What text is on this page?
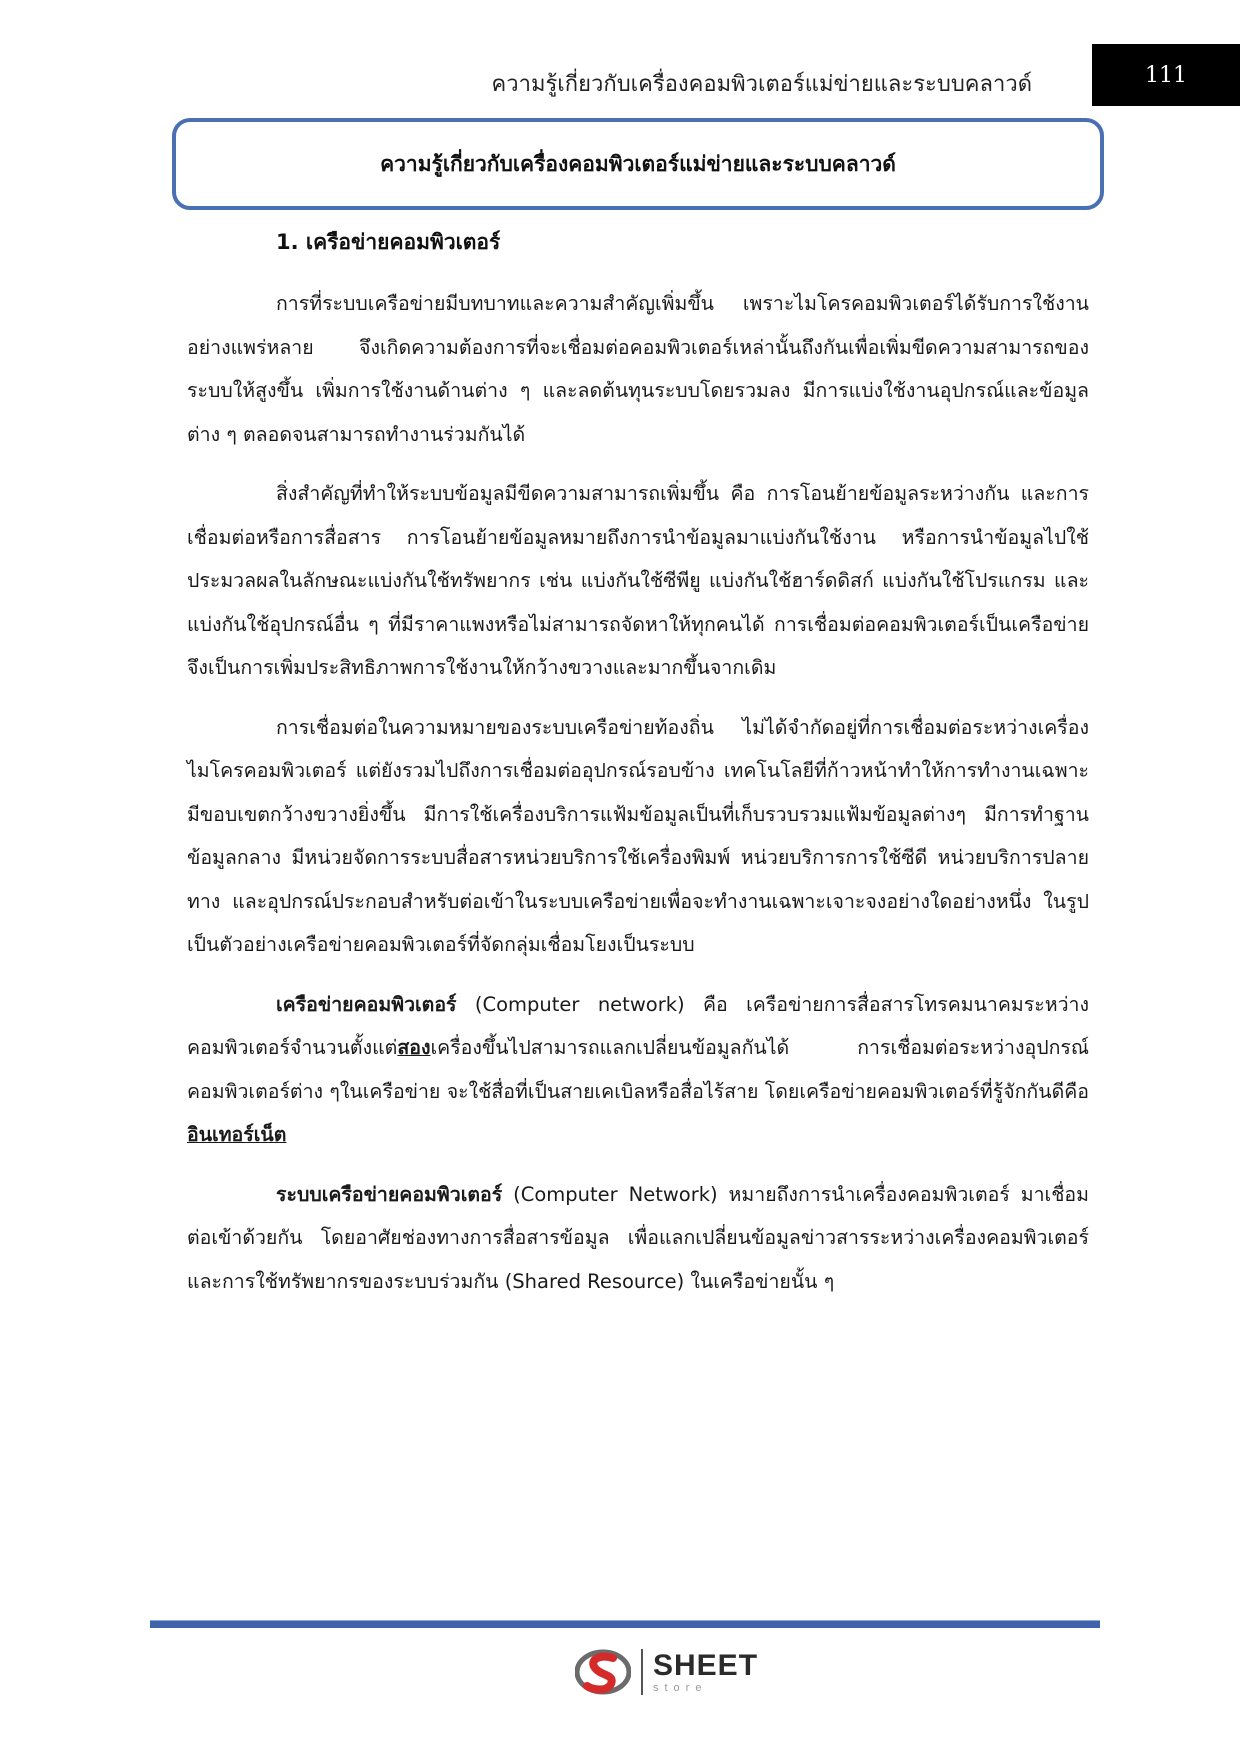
ความรู้เกี่ยวกับเครื่องคอมพิวเตอร์แม่ข่ายและระบบคลาวด์	111
ความรู้เกี่ยวกับเครื่องคอมพิวเตอร์แม่ข่ายและระบบคลาวด์
1. เครือข่ายคอมพิวเตอร์

การที่ระบบเครือข่ายมีบทบาทและความสำคัญเพิ่มขึ้น เพราะไมโครคอมพิวเตอร์ได้รับการใช้งานอย่างแพร่หลาย จึงเกิดความต้องการที่จะเชื่อมต่อคอมพิวเตอร์เหล่านั้นถึงกันเพื่อเพิ่มขีดความสามารถของระบบให้สูงขึ้น เพิ่มการใช้งานด้านต่าง ๆ และลดต้นทุนระบบโดยรวมลง มีการแบ่งใช้งานอุปกรณ์และข้อมูลต่าง ๆ ตลอดจนสามารถทำงานร่วมกันได้

สิ่งสำคัญที่ทำให้ระบบข้อมูลมีขีดความสามารถเพิ่มขึ้น คือ การโอนย้ายข้อมูลระหว่างกัน และการเชื่อมต่อหรือการสื่อสาร การโอนย้ายข้อมูลหมายถึงการนำข้อมูลมาแบ่งกันใช้งาน หรือการนำข้อมูลไปใช้ประมวลผลในลักษณะแบ่งกันใช้ทรัพยากร เช่น แบ่งกันใช้ซีพียู แบ่งกันใช้ฮาร์ดดิสก์ แบ่งกันใช้โปรแกรม และแบ่งกันใช้อุปกรณ์อื่น ๆ ที่มีราคาแพงหรือไม่สามารถจัดหาให้ทุกคนได้ การเชื่อมต่อคอมพิวเตอร์เป็นเครือข่ายจึงเป็นการเพิ่มประสิทธิภาพการใช้งานให้กว้างขวางและมากขึ้นจากเดิม

การเชื่อมต่อในความหมายของระบบเครือข่ายท้องถิ่น ไม่ได้จำกัดอยู่ที่การเชื่อมต่อระหว่างเครื่องไมโครคอมพิวเตอร์ แต่ยังรวมไปถึงการเชื่อมต่ออุปกรณ์รอบข้าง เทคโนโลยีที่ก้าวหน้าทำให้การทำงานเฉพาะมีขอบเขตกว้างขวางยิ่งขึ้น มีการใช้เครื่องบริการแฟ้มข้อมูลเป็นที่เก็บรวบรวมแฟ้มข้อมูลต่างๆ มีการทำฐานข้อมูลกลาง มีหน่วยจัดการระบบสื่อสารหน่วยบริการใช้เครื่องพิมพ์ หน่วยบริการการใช้ซีดี หน่วยบริการปลายทาง และอุปกรณ์ประกอบสำหรับต่อเข้าในระบบเครือข่ายเพื่อจะทำงานเฉพาะเจาะจงอย่างใดอย่างหนึ่ง ในรูป เป็นตัวอย่างเครือข่ายคอมพิวเตอร์ที่จัดกลุ่มเชื่อมโยงเป็นระบบ

เครือข่ายคอมพิวเตอร์ (Computer network) คือ เครือข่ายการสื่อสารโทรคมนาคมระหว่างคอมพิวเตอร์จำนวนตั้งแต่สองเครื่องขึ้นไปสามารถแลกเปลี่ยนข้อมูลกันได้ การเชื่อมต่อระหว่างอุปกรณ์คอมพิวเตอร์ต่าง ๆในเครือข่าย จะใช้สื่อที่เป็นสายเคเบิลหรือสื่อไร้สาย โดยเครือข่ายคอมพิวเตอร์ที่รู้จักกันดีคือ อินเทอร์เน็ต

ระบบเครือข่ายคอมพิวเตอร์ (Computer Network) หมายถึงการนำเครื่องคอมพิวเตอร์ มาเชื่อมต่อเข้าด้วยกัน โดยอาศัยช่องทางการสื่อสารข้อมูล เพื่อแลกเปลี่ยนข้อมูลข่าวสารระหว่างเครื่องคอมพิวเตอร์ และการใช้ทรัพยากรของระบบร่วมกัน (Shared Resource) ในเครือข่ายนั้น ๆ

SHEET
store
